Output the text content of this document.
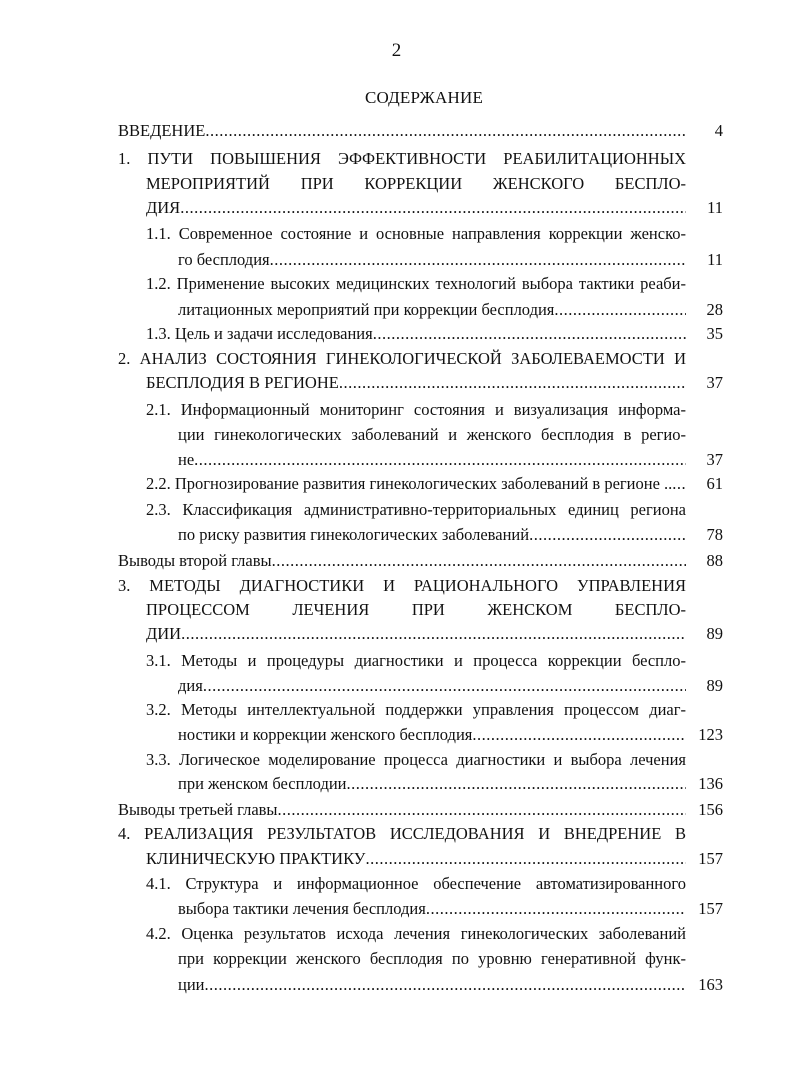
2
СОДЕРЖАНИЕ
ВВЕДЕНИЕ .....	4
1. ПУТИ ПОВЫШЕНИЯ ЭФФЕКТИВНОСТИ РЕАБИЛИТАЦИОННЫХ
МЕРОПРИЯТИЙ ПРИ КОРРЕКЦИИ ЖЕНСКОГО БЕСПЛО-
ДИЯ .....	11
1.1. Современное состояние и основные направления коррекции женско-
го бесплодия .....	11
1.2. Применение высоких медицинских технологий выбора тактики реаби-
литационных мероприятий при коррекции бесплодия .....	28
1.3. Цель и задачи исследования .....	35
2. АНАЛИЗ СОСТОЯНИЯ ГИНЕКОЛОГИЧЕСКОЙ ЗАБОЛЕВАЕМОСТИ И
БЕСПЛОДИЯ В РЕГИОНЕ .....	37
2.1. Информационный мониторинг состояния и визуализация информа-
ции гинекологических заболеваний и женского бесплодия в регио-
не .....	37
2.2. Прогнозирование развития гинекологических заболеваний в регионе .. .....	61
2.3. Классификация административно-территориальных единиц региона
по риску развития гинекологических заболеваний .....	78
Выводы второй главы .....	88
3. МЕТОДЫ ДИАГНОСТИКИ И РАЦИОНАЛЬНОГО УПРАВЛЕНИЯ
ПРОЦЕССОМ ЛЕЧЕНИЯ ПРИ ЖЕНСКОМ БЕСПЛО-
ДИИ .....	89
3.1. Методы и процедуры диагностики и процесса коррекции бесплo-
дия .....	89
3.2. Методы интеллектуальной поддержки управления процессом диаг-
ностики и коррекции женского бесплодия .....	123
3.3. Логическое моделирование процесса диагностики и выбора лечения
при женском бесплодии .....	136
Выводы третьей главы .....	156
4. РЕАЛИЗАЦИЯ РЕЗУЛЬТАТОВ ИССЛЕДОВАНИЯ И ВНЕДРЕНИЕ В
КЛИНИЧЕСКУЮ ПРАКТИКУ .....	157
4.1. Структура и информационное обеспечение автоматизированного
выбора тактики лечения бесплодия .....	157
4.2. Оценка результатов исхода лечения гинекологических заболеваний
при коррекции женского бесплодия по уровню генеративной функ-
ции .....	163
